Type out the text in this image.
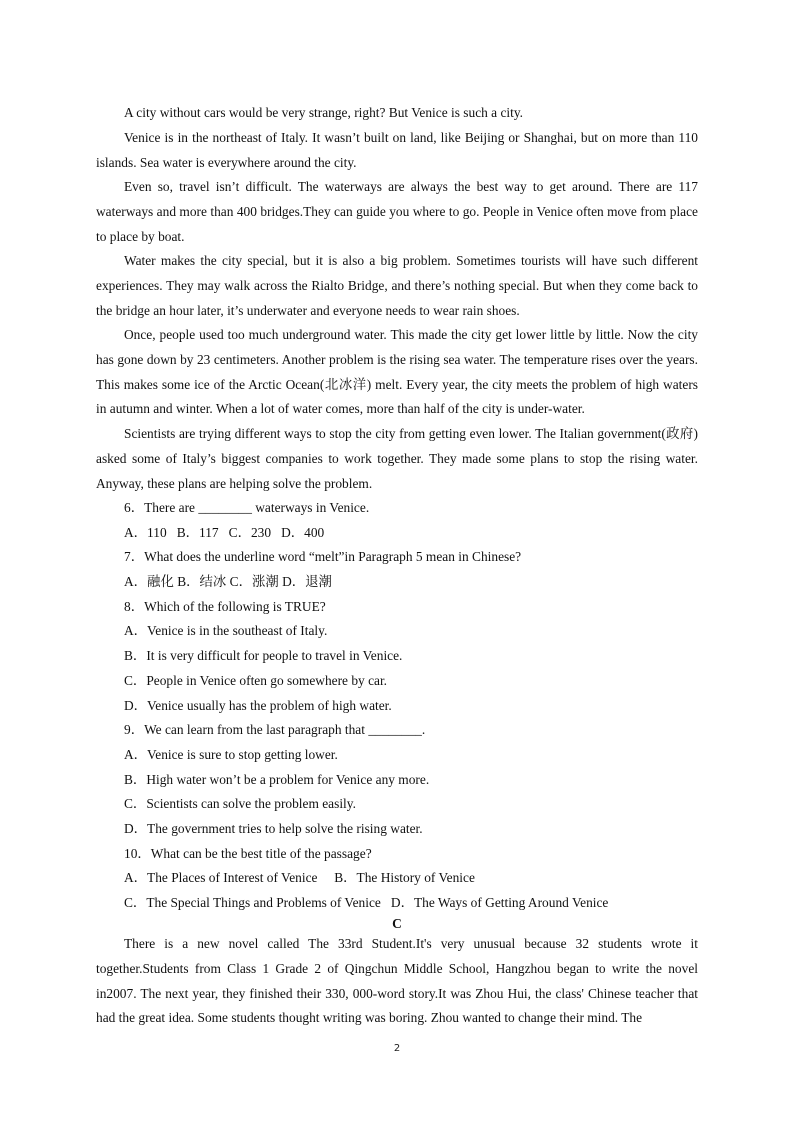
A city without cars would be very strange, right? But Venice is such a city.

Venice is in the northeast of Italy. It wasn’t built on land, like Beijing or Shanghai, but on more than 110 islands. Sea water is everywhere around the city.

Even so, travel isn’t difficult. The waterways are always the best way to get around. There are 117 waterways and more than 400 bridges.They can guide you where to go. People in Venice often move from place to place by boat.

Water makes the city special, but it is also a big problem. Sometimes tourists will have such different experiences. They may walk across the Rialto Bridge, and there’s nothing special. But when they come back to the bridge an hour later, it’s underwater and everyone needs to wear rain shoes.

Once, people used too much underground water. This made the city get lower little by little. Now the city has gone down by 23 centimeters. Another problem is the rising sea water. The temperature rises over the years. This makes some ice of the Arctic Ocean(北冰洋) melt. Every year, the city meets the problem of high waters in autumn and winter. When a lot of water comes, more than half of the city is under-water.

Scientists are trying different ways to stop the city from getting even lower. The Italian government(政府) asked some of Italy’s biggest companies to work together. They made some plans to stop the rising water. Anyway, these plans are helping solve the problem.

6．There are ________ waterways in Venice.
A．110   B．117   C．230   D．400
7．What does the underline word “melt”in Paragraph 5 mean in Chinese?
A．融化 B．结冰 C．涨潮 D．退潮
8．Which of the following is TRUE?
A．Venice is in the southeast of Italy.
B．It is very difficult for people to travel in Venice.
C．People in Venice often go somewhere by car.
D．Venice usually has the problem of high water.
9．We can learn from the last paragraph that ________.
A．Venice is sure to stop getting lower.
B．High water won’t be a problem for Venice any more.
C．Scientists can solve the problem easily.
D．The government tries to help solve the rising water.
10．What can be the best title of the passage?
A．The Places of Interest of Venice     B．The History of Venice
C．The Special Things and Problems of Venice   D．The Ways of Getting Around Venice
C

There is a new novel called The 33rd Student.It's very unusual because 32 students wrote it together.Students from Class 1 Grade 2 of Qingchun Middle School, Hangzhou began to write the novel in2007. The next year, they finished their 330, 000-word story.It was Zhou Hui, the class' Chinese teacher that had the great idea. Some students thought writing was boring. Zhou wanted to change their mind. The

2
